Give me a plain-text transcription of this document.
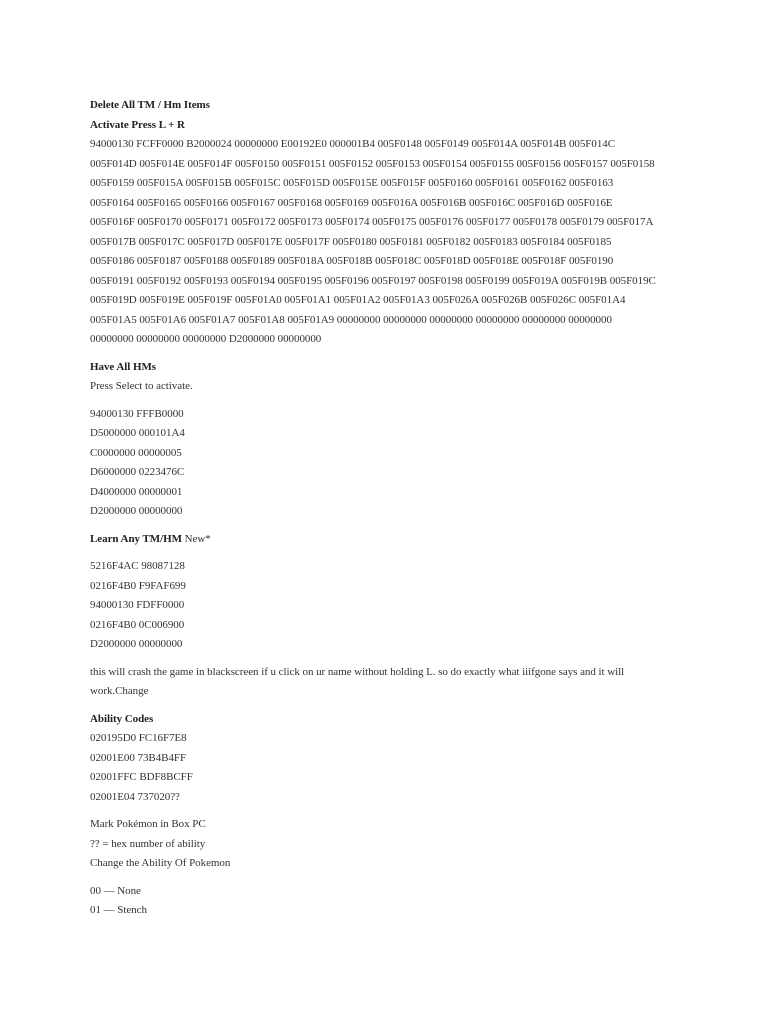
Delete All TM / Hm Items
Activate Press L + R
94000130 FCFF0000 B2000024 00000000 E00192E0 000001B4 005F0148 005F0149 005F014A 005F014B 005F014C
005F014D 005F014E 005F014F 005F0150 005F0151 005F0152 005F0153 005F0154 005F0155 005F0156 005F0157 005F0158
005F0159 005F015A 005F015B 005F015C 005F015D 005F015E 005F015F 005F0160 005F0161 005F0162 005F0163
005F0164 005F0165 005F0166 005F0167 005F0168 005F0169 005F016A 005F016B 005F016C 005F016D 005F016E
005F016F 005F0170 005F0171 005F0172 005F0173 005F0174 005F0175 005F0176 005F0177 005F0178 005F0179 005F017A
005F017B 005F017C 005F017D 005F017E 005F017F 005F0180 005F0181 005F0182 005F0183 005F0184 005F0185
005F0186 005F0187 005F0188 005F0189 005F018A 005F018B 005F018C 005F018D 005F018E 005F018F 005F0190
005F0191 005F0192 005F0193 005F0194 005F0195 005F0196 005F0197 005F0198 005F0199 005F019A 005F019B 005F019C
005F019D 005F019E 005F019F 005F01A0 005F01A1 005F01A2 005F01A3 005F026A 005F026B 005F026C 005F01A4
005F01A5 005F01A6 005F01A7 005F01A8 005F01A9 00000000 00000000 00000000 00000000 00000000 00000000
00000000 00000000 00000000 D2000000 00000000
Have All HMs
Press Select to activate.
94000130 FFFB0000
D5000000 000101A4
C0000000 00000005
D6000000 0223476C
D4000000 00000001
D2000000 00000000
Learn Any TM/HM New*
5216F4AC 98087128
0216F4B0 F9FAF699
94000130 FDFF0000
0216F4B0 0C006900
D2000000 00000000
this will crash the game in blackscreen if u click on ur name without holding L. so do exactly what iiifgone says and it will work.Change
Ability Codes
020195D0 FC16F7E8
02001E00 73B4B4FF
02001FFC BDF8BCFF
02001E04 737020??
Mark Pokémon in Box PC
?? = hex number of ability
Change the Ability Of Pokemon
00 — None
01 — Stench
